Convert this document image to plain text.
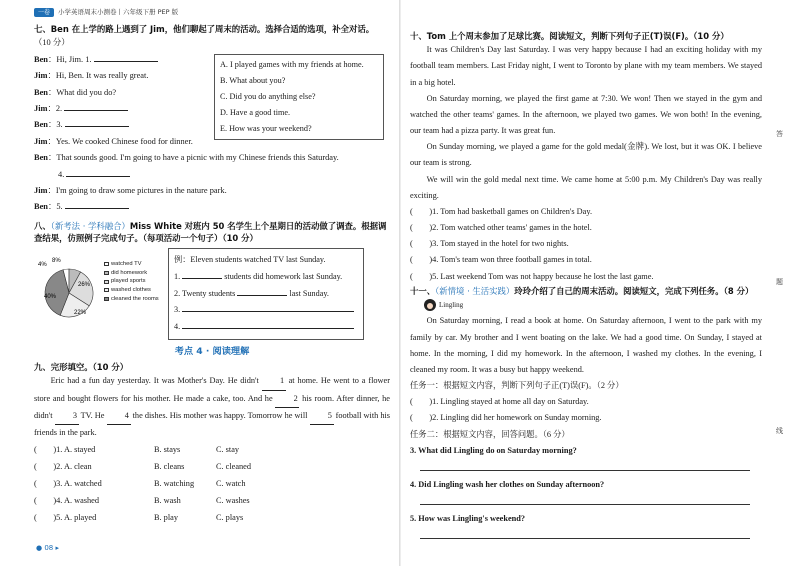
一卷	小学英语周末小测卷丨六年级下册 PEP 版
七、Ben 在上学的路上遇到了 Jim，他们聊起了周末的活动。选择合适的选项，补全对话。
（10 分）
Ben：Hi, Jim. 1.
Jim：Hi, Ben. It was really great.
Ben：What did you do?
Jim：2.
Ben：3.
Jim：Yes. We cooked Chinese food for dinner.
Ben：That sounds good. I'm going to have a picnic with my Chinese friends this Saturday.
4.
Jim：I'm going to draw some pictures in the nature park.
Ben：5.
A. I played games with my friends at home.
B. What about you?
C. Did you do anything else?
D. Have a good time.
E. How was your weekend?
八、（新考法 · 学科融合）Miss White 对班内 50 名学生上个星期日的活动做了调查。根据调查结果，仿照例子完成句子。（每项活动一个句子）（10 分）
4%
8%
26%
40%
22%
watched TV
did homework
played sports
washed clothes
cleaned the rooms
例：Eleven students watched TV last Sunday.
1.	students did homework last Sunday.
2. Twenty students	last Sunday.
3.
4.
考点 4 · 阅读理解
九、完形填空。（10 分）
Eric had a fun day yesterday. It was Mother's Day. He didn't	1 at home. He went to a flower store and bought flowers for his mother. He made a cake, too. And he	2 his room. After dinner, he didn't 3 TV. He 4 the dishes. His mother was happy. Tomorrow he will 5 football with his friends in the park.
(　　)1. A. stayed	B. stays	C. stay
(　　)2. A. clean	B. cleans	C. cleaned
(　　)3. A. watched	B. watching	C. watch
(　　)4. A. washed	B. wash	C. washes
(　　)5. A. played	B. play	C. plays
● 08 ▸
十、Tom 上个周末参加了足球比赛。阅读短文，判断下列句子正(T)误(F)。（10 分）
It was Children's Day last Saturday. I was very happy because I had an exciting holiday with my football team members. Last Friday night, I went to Toronto by plane with my team members. We stayed in a big hotel.
On Saturday morning, we played the first game at 7:30. We won! Then we stayed in the gym and watched the other teams' games. In the afternoon, we played two games. We won both! In the evening, our team had a pizza party. It was great fun.
On Sunday morning, we played a game for the gold medal(金牌). We lost, but it was OK. I believe our team is strong.
We will win the gold medal next time. We came home at 5:00 p.m. My Children's Day was really exciting.
(　　)1. Tom had basketball games on Children's Day.
(　　)2. Tom watched other teams' games in the hotel.
(　　)3. Tom stayed in the hotel for two nights.
(　　)4. Tom's team won three football games in total.
(　　)5. Last weekend Tom was not happy because he lost the last game.
十一、（新情境 · 生活实践）玲玲介绍了自己的周末活动。阅读短文，完成下列任务。（8 分）
Lingling
On Saturday morning, I read a book at home. On Saturday afternoon, I went to the park with my family by car. My brother and I went boating on the lake. We had a good time. On Sunday, I stayed at home. In the morning, I did my homework. In the afternoon, I washed my clothes. In the evening, I cleaned my room. It was a busy but happy weekend.
任务一：根据短文内容，判断下列句子正(T)误(F)。（2 分）
(　　)1. Lingling stayed at home all day on Saturday.
(　　)2. Lingling did her homework on Sunday morning.
任务二：根据短文内容，回答问题。（6 分）
3. What did Lingling do on Saturday morning?
4. Did Lingling wash her clothes on Sunday afternoon?
5. How was Lingling's weekend?
答
题
线
